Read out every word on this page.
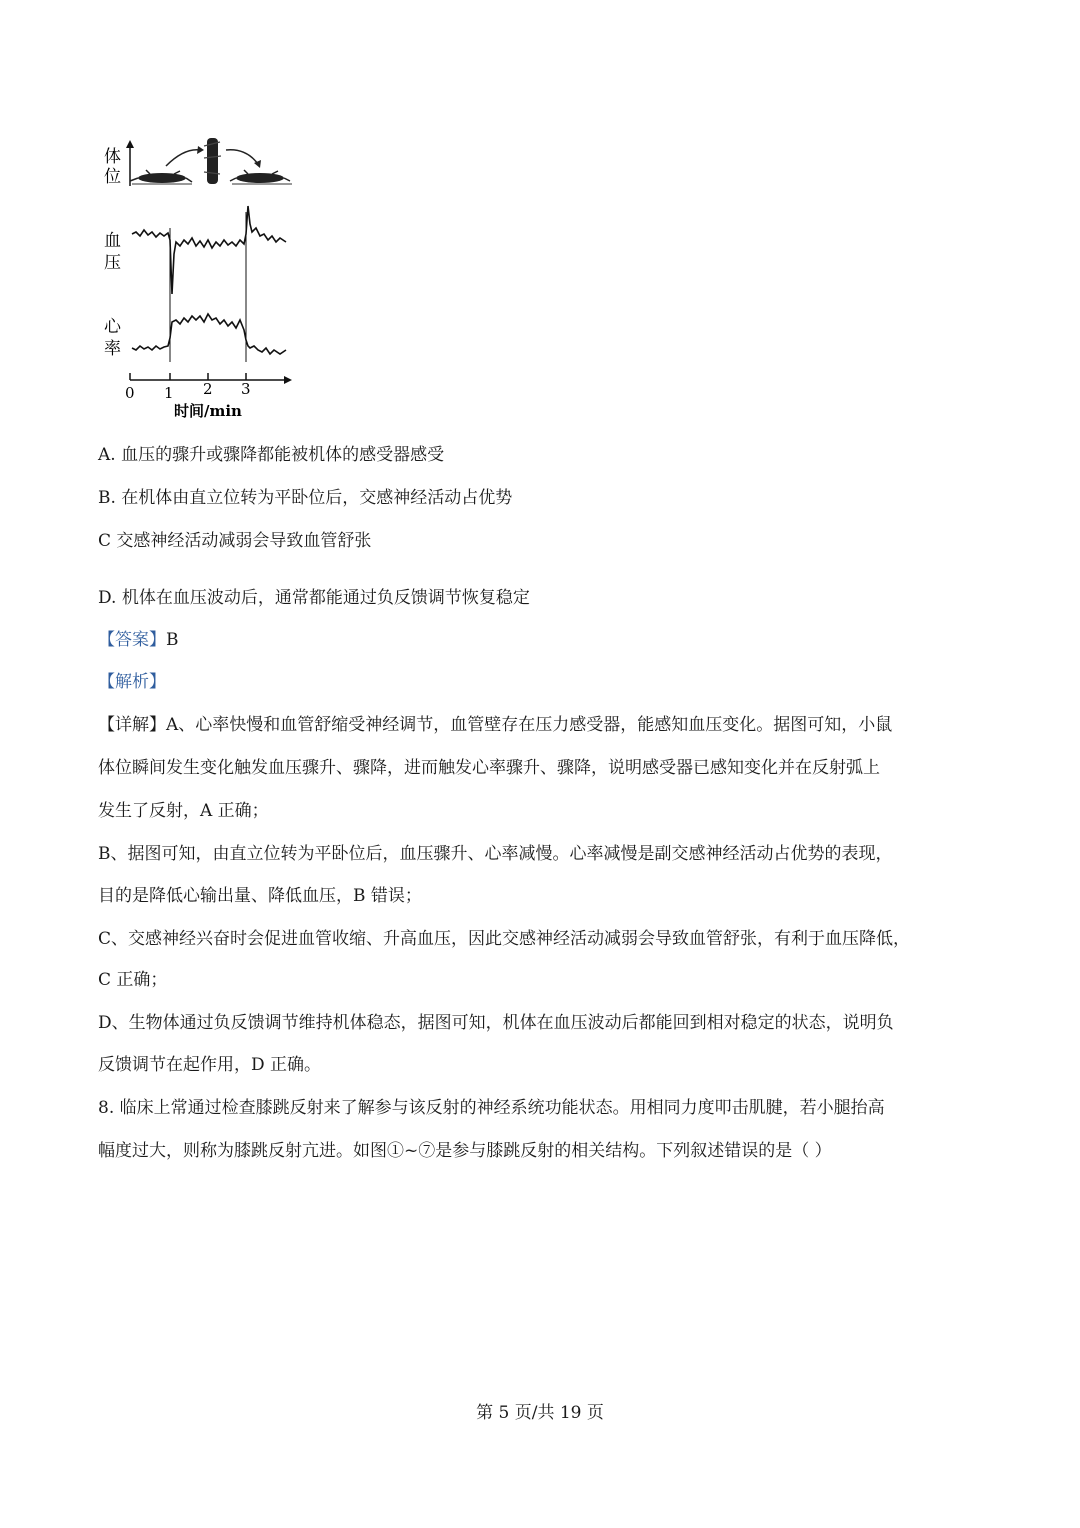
体
位
血
压
心
率
0 1 2 3
时间/min
A. 血压的骤升或骤降都能被机体的感受器感受
B. 在机体由直立位转为平卧位后，交感神经活动占优势
C 交感神经活动减弱会导致血管舒张
D. 机体在血压波动后，通常都能通过负反馈调节恢复稳定
【答案】B
【解析】
【详解】A、心率快慢和血管舒缩受神经调节，血管壁存在压力感受器，能感知血压变化。据图可知，小鼠
体位瞬间发生变化触发血压骤升、骤降，进而触发心率骤升、骤降，说明感受器已感知变化并在反射弧上
发生了反射，A 正确；
B、据图可知，由直立位转为平卧位后，血压骤升、心率减慢。心率减慢是副交感神经活动占优势的表现，
目的是降低心输出量、降低血压，B 错误；
C、交感神经兴奋时会促进血管收缩、升高血压，因此交感神经活动减弱会导致血管舒张，有利于血压降低，
C 正确；
D、生物体通过负反馈调节维持机体稳态，据图可知，机体在血压波动后都能回到相对稳定的状态，说明负
反馈调节在起作用，D 正确。
8. 临床上常通过检查膝跳反射来了解参与该反射的神经系统功能状态。用相同力度叩击肌腱，若小腿抬高
幅度过大，则称为膝跳反射亢进。如图①~⑦是参与膝跳反射的相关结构。下列叙述错误的是（ ）
第 5 页/共 19 页
